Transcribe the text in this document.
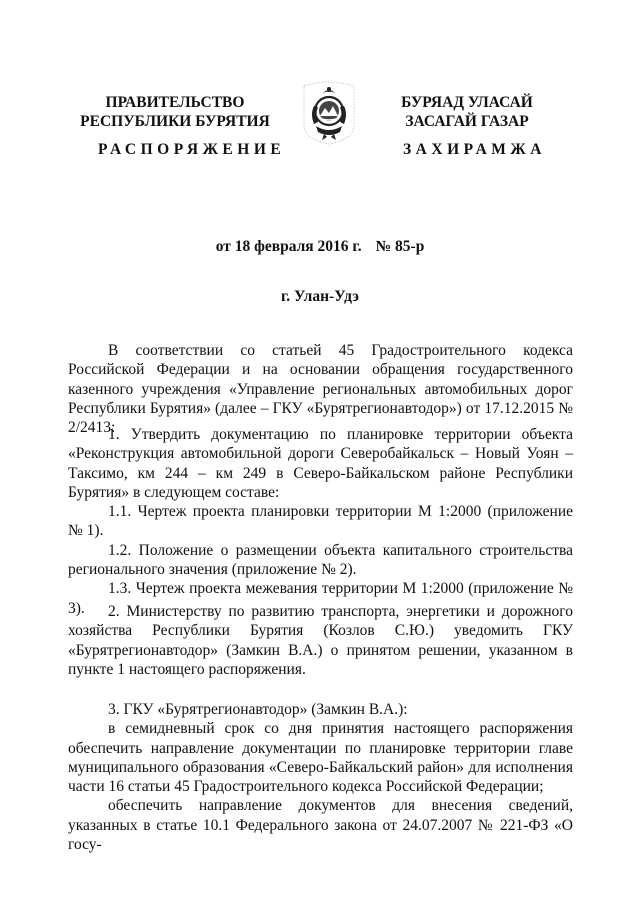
ПРАВИТЕЛЬСТВО
РЕСПУБЛИКИ БУРЯТИЯ
БУРЯАД УЛАСАЙ
ЗАСАГАЙ ГАЗАР
РАСПОРЯЖЕНИЕ	ЗАХИРАМЖА
от 18 февраля 2016 г. № 85-р
г. Улан-Удэ

В соответствии со статьей 45 Градостроительного кодекса Российской Федерации и на основании обращения государственного казенного учреждения «Управление региональных автомобильных дорог Республики Бурятия» (далее – ГКУ «Бурятрегионавтодор») от 17.12.2015 № 2/2413:

1. Утвердить документацию по планировке территории объекта «Реконструкция автомобильной дороги Северобайкальск – Новый Уоян – Таксимо, км 244 – км 249 в Северо-Байкальском районе Республики Бурятия» в следующем составе:

1.1. Чертеж проекта планировки территории М 1:2000 (приложение № 1).

1.2. Положение о размещении объекта капитального строительства регионального значения (приложение № 2).

1.3. Чертеж проекта межевания территории М 1:2000 (приложение № 3).	2. Министерству по развитию транспорта, энергетики и дорожного хозяйства Республики Бурятия (Козлов С.Ю.) уведомить ГКУ «Бурятрегионавтодор» (Замкин В.А.) о принятом решении, указанном в пункте 1 настоящего распоряжения.

3. ГКУ «Бурятрегионавтодор» (Замкин В.А.):

в семидневный срок со дня принятия настоящего распоряжения обеспечить направление документации по планировке территории главе муниципального образования «Северо-Байкальский район» для исполнения части 16 статьи 45 Градостроительного кодекса Российской Федерации;

обеспечить направление документов для внесения сведений, указанных в статье 10.1 Федерального закона от 24.07.2007 № 221-ФЗ «О госу-
